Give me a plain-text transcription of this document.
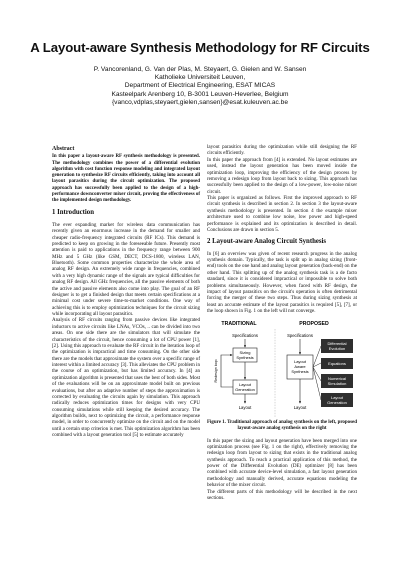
A Layout-aware Synthesis Methodology for RF Circuits
P. Vancorenland, G. Van der Plas, M. Steyaert, G. Gielen and W. Sansen
Katholieke Universiteit Leuven,
Department of Electrical Engineering, ESAT MICAS
Kasteelpark Arenberg 10, B-3001 Leuven-Heverlee, Belgium
{vanco,vdplas,steyaert,gielen,sansen}@esat.kuleuven.ac.be

Abstract

In this paper a layout-aware RF synthesis methodology is presented. The methodology combines the power of a differential evolution algorithm with cost function response modeling and integrated layout generation to synthesize RF circuits efficiently, taking into account all layout parasitics during the circuit optimization. The proposed approach has successfully been applied to the design of a high-performance downconverter mixer circuit, proving the effectiveness of the implemented design methodology.

1 Introduction

The ever expanding market for wireless data communication has recently given an enormous increase in the demand for smaller and cheaper radio-frequency integrated circuits (RF ICs). This demand is predicted to keep on growing in the foreseeable future. Presently most attention is paid to applications in the frequency range between 900 MHz and 5 GHz (like GSM, DECT, DCS-1800, wireless LAN, Bluetooth). Some common properties characterize the whole area of analog RF design. An extremely wide range in frequencies, combined with a very high dynamic range of the signals are typical difficulties for analog RF design. All GHz frequencies, all the passive elements of both the active and passive elements also come into play. The goal of an RF designer is to get a finished design that meets certain specifications at a minimal cost under severe time-to-market conditions. One way of achieving this is to employ optimization techniques for the circuit sizing while incorporating all layout parasitics.

Analysis of RF circuits ranging from passive devices like integrated inductors to active circuits like LNAs, VCOs, .. can be divided into two areas. On one side there are the simulators that will simulate the characteristics of the circuit, hence consuming a lot of CPU power [1], [2]. Using this approach to evaluate the RF circuit in the iteration loop of the optimization is impractical and time consuming. On the other side there are the models that approximate the system over a specific range of interest within a limited accuracy [3]. This alleviates the CPU problem in the course of an optimization, but has limited accuracy. In [4] an optimization algorithm is presented that uses the best of both sides. Most of the evaluations will be on an approximate model built on previous evaluations, but after an adaptive number of steps the approximation is corrected by evaluating the circuits again by simulation. This approach radically reduces optimization times for designs with very CPU consuming simulations while still keeping the desired accuracy. The algorithm builds, next to optimizing the circuit, a performance response model, in order to concurrently optimize on the circuit and on the model until a certain stop criterion is met. This optimization algorithm has been combined with a layout generation tool [5] to estimate accurately

layout parasitics during the optimization while still designing the RF circuits efficiently.

In this paper the approach from [4] is extended. No layout estimates are used, instead the layout generation has been moved inside the optimization loop, improving the efficiency of the design process by removing a redesign loop from layout back to sizing. This approach has successfully been applied to the design of a low-power, low-noise mixer circuit.

This paper is organized as follows. First the improved approach to RF circuit synthesis is described in section 2. In section 3 the layout-aware synthesis methodology is presented. In section 4 the example mixer architecture used to combine low noise, low power and high-speed performance is explained and its optimization is described in detail. Conclusions are drawn in section 5.

2 Layout-aware Analog Circuit Synthesis

In [6] an overview was given of recent research progress in the analog synthesis domain. Typically, the task is split up in analog sizing (front-end) tools on the one hand and analog layout generation (back-end) on the other hand. This splitting up of the analog synthesis task is a de facto standard, since it is considered impractical or impossible to solve both problems simultaneously. However, when faced with RF design, the impact of layout parasitics on the circuit's operation is often detrimental forcing the merger of these two steps. Thus during sizing synthesis at least an accurate estimate of the layout parasitics is required [5], [7], or the loop shown in Fig. 1 on the left will not converge.

TRADITIONAL	PROPOSED
Specifications
Sizing
Synthesis
Layout
Generation
Layout
Redesign loop
Specifications
Layout
Aware
Synthesis
Layout
Differential
Evolution
Equations
Numerical
Simulation
Layout
Generation

Figure 1. Traditional approach of analog synthesis on the left, proposed layout-aware analog synthesis on the right

In this paper the sizing and layout generation have been merged into one optimization process (see Fig. 1 on the right), effectively removing the redesign loop from layout to sizing that exists in the traditional analog synthesis approach. To reach a practical application of this method, the power of the Differential Evolution (DE) optimizer [8] has been combined with accurate device-level simulation, a fast layout generation methodology and manually derived, accurate equations modeling the behavior of the mixer circuit.

The different parts of this methodology will be described in the next sections.
